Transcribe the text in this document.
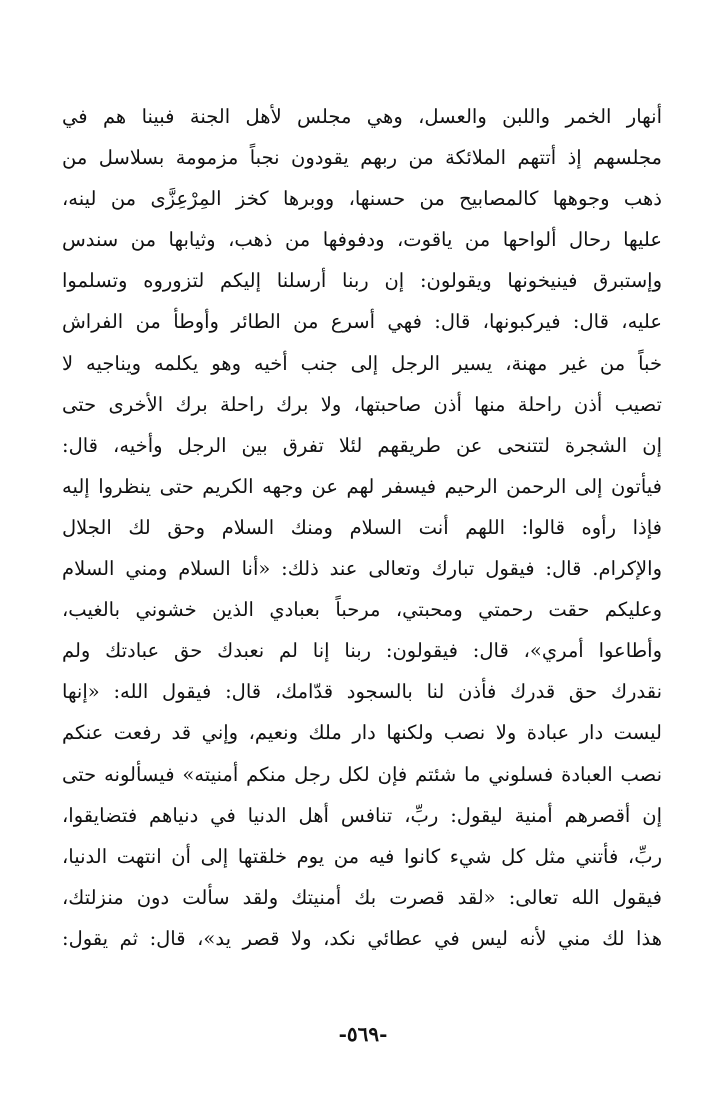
أنهار الخمر واللبن والعسل، وهي مجلس لأهل الجنة فبينا هم في
مجلسهم إذ أتتهم الملائكة من ربهم يقودون نجباً مزمومة بسلاسل من
ذهب وجوهها كالمصابيح من حسنها، ووبرها كخز المِرْعِزَّى من لينه،
عليها رحال ألواحها من ياقوت، ودفوفها من ذهب، وثيابها من سندس
وإستبرق فينيخونها ويقولون: إن ربنا أرسلنا إليكم لتزوروه وتسلموا
عليه، قال: فيركبونها، قال: فهي أسرع من الطائر وأوطأ من الفراش
خباً من غير مهنة، يسير الرجل إلى جنب أخيه وهو يكلمه ويناجيه لا
تصيب أذن راحلة منها أذن صاحبتها، ولا برك راحلة برك الأخرى حتى
إن الشجرة لتتنحى عن طريقهم لئلا تفرق بين الرجل وأخيه، قال:
فيأتون إلى الرحمن الرحيم فيسفر لهم عن وجهه الكريم حتى ينظروا إليه
فإذا رأوه قالوا: اللهم أنت السلام ومنك السلام وحق لك الجلال
والإكرام. قال: فيقول تبارك وتعالى عند ذلك: «أنا السلام ومني السلام
وعليكم حقت رحمتي ومحبتي، مرحباً بعبادي الذين خشوني بالغيب،
وأطاعوا أمري»، قال: فيقولون: ربنا إنا لم نعبدك حق عبادتك ولم
نقدرك حق قدرك فأذن لنا بالسجود قدّامك، قال: فيقول الله: «إنها
ليست دار عبادة ولا نصب ولكنها دار ملك ونعيم، وإني قد رفعت عنكم
نصب العبادة فسلوني ما شئتم فإن لكل رجل منكم أمنيته» فيسألونه حتى
إن أقصرهم أمنية ليقول: ربِّ، تنافس أهل الدنيا في دنياهم فتضايقوا،
ربِّ، فأتني مثل كل شيء كانوا فيه من يوم خلقتها إلى أن انتهت الدنيا،
فيقول الله تعالى: «لقد قصرت بك أمنيتك ولقد سألت دون منزلتك،
هذا لك مني لأنه ليس في عطائي نكد، ولا قصر يد»، قال: ثم يقول:
-٥٦٩-
